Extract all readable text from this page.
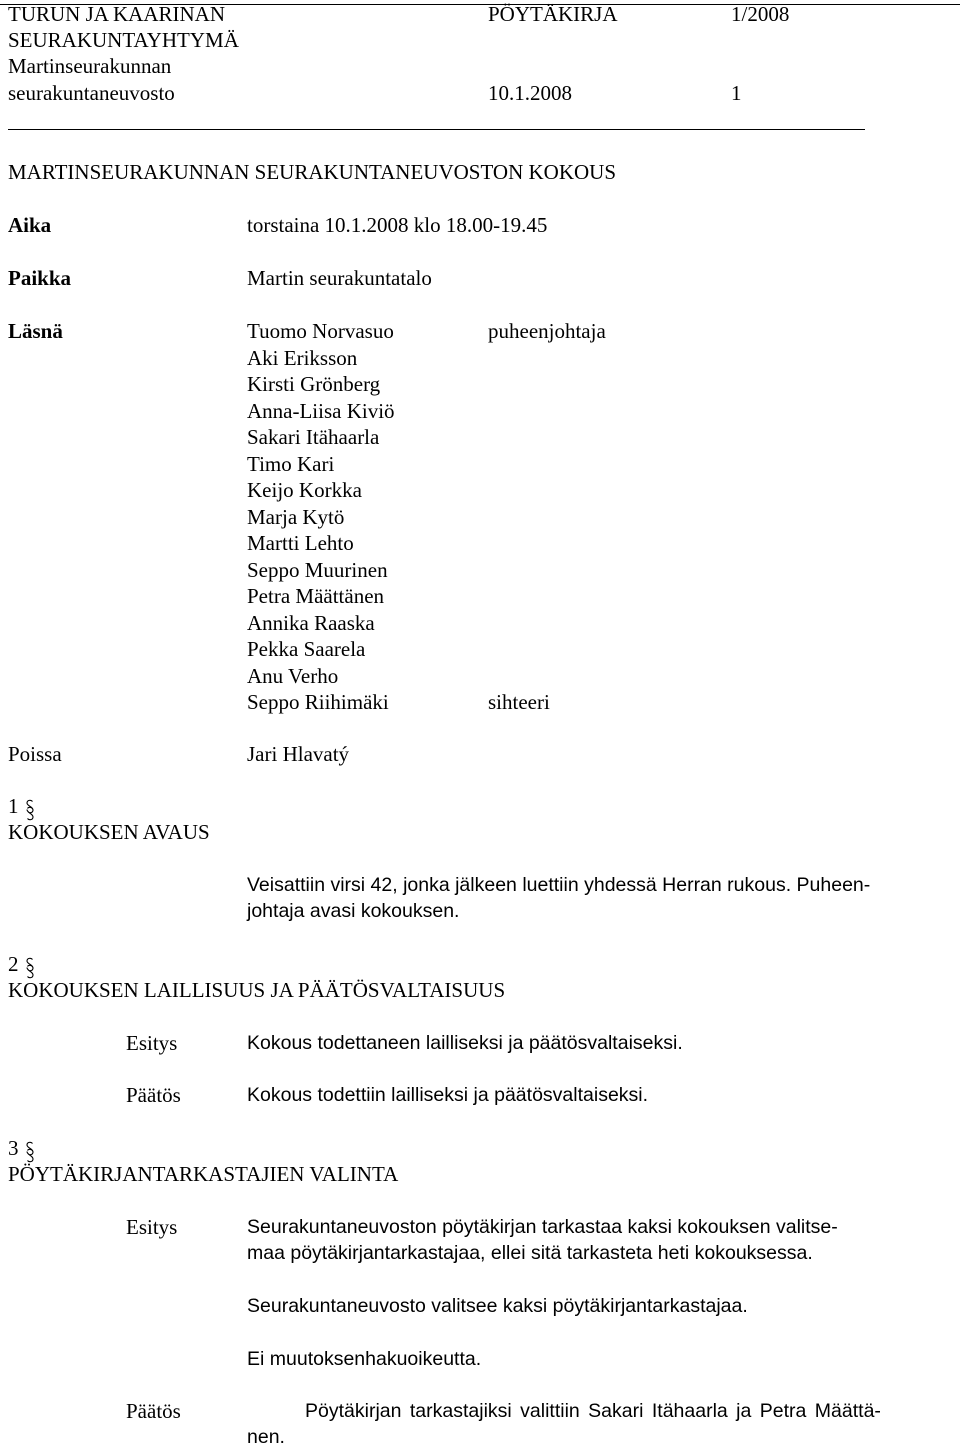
TURUN JA KAARINAN
SEURAKUNTAYHTYMÄ
Martinseurakunnan
seurakuntaneuvosto
PÖYTÄKIRJA	1/2008
10.1.2008	1
MARTINSEURAKUNNAN SEURAKUNTANEUVOSTON KOKOUS
Aika	torstaina 10.1.2008 klo 18.00-19.45
Paikka	Martin seurakuntatalo
Läsnä	Tuomo Norvasuo	puheenjohtaja
Aki Eriksson
Kirsti Grönberg
Anna-Liisa Kiviö
Sakari Itähaarla
Timo Kari
Keijo Korkka
Marja Kytö
Martti Lehto
Seppo Muurinen
Petra Määttänen
Annika Raaska
Pekka Saarela
Anu Verho
Seppo Riihimäki	sihteeri
Poissa	Jari Hlavatý
1
KOKOUKSEN AVAUS
Veisattiin virsi 42, jonka jälkeen luettiin yhdessä Herran rukous. Puheen-
johtaja avasi kokouksen.
2
KOKOUKSEN LAILLISUUS JA PÄÄTÖSVALTAISUUS
Esitys	Kokous todettaneen lailliseksi ja päätösvaltaiseksi.
Päätös	Kokous todettiin lailliseksi ja päätösvaltaiseksi.
3
PÖYTÄKIRJANTARKASTAJIEN VALINTA
Esitys	Seurakuntaneuvoston pöytäkirjan tarkastaa kaksi kokouksen valitse-
maa pöytäkirjantarkastajaa, ellei sitä tarkasteta heti kokouksessa.
Seurakuntaneuvosto valitsee kaksi pöytäkirjantarkastajaa.
Ei muutoksenhakuoikeutta.
Päätös	Pöytäkirjan tarkastajiksi valittiin Sakari Itähaarla ja Petra Määttä-
nen.
